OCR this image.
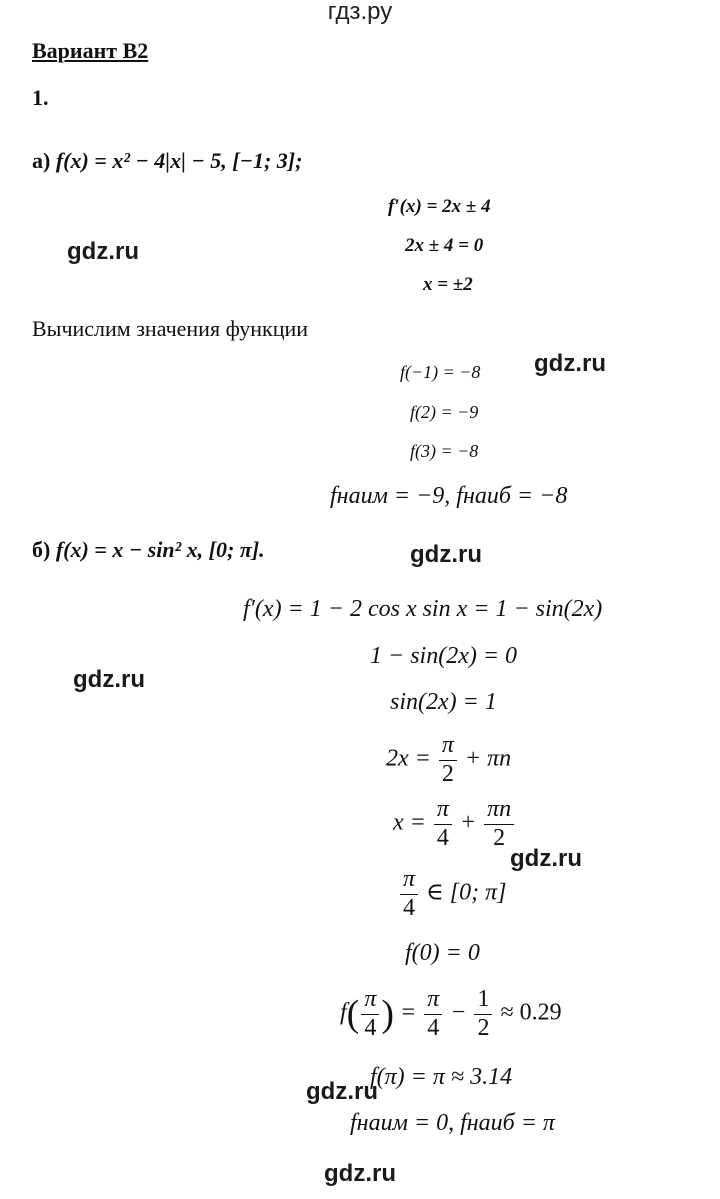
гдз.ру
Вариант В2
1.
а) f(x) = x² − 4|x| − 5, [−1; 3];
f′(x) = 2x ± 4
2x ± 4 = 0
x = ±2
gdz.ru
Вычислим значения функции
f(−1) = −8 gdz.ru
f(2) = −9
f(3) = −8
fнаим = −9, fнаиб = −8
б) f(x) = x − sin² x, [0; π].	gdz.ru
f′(x) = 1 − 2 cos x sin x = 1 − sin(2x)
1 − sin(2x) = 0
gdz.ru
sin(2x) = 1
$2x = \frac{\pi}{2} + \pi n$
$x = \frac{\pi}{4} + \frac{\pi n}{2}$
gdz.ru
$\frac{\pi}{4}$ ∈ [0; π]
f(0) = 0
$f( \frac{\pi}{4}$ ) = $\frac{\pi}{4} - \frac{1}{2} \approx 0.29$
f(π) = π ≈ 3.14
gdz.ru
fнаим = 0, fнаиб = π
gdz.ru
